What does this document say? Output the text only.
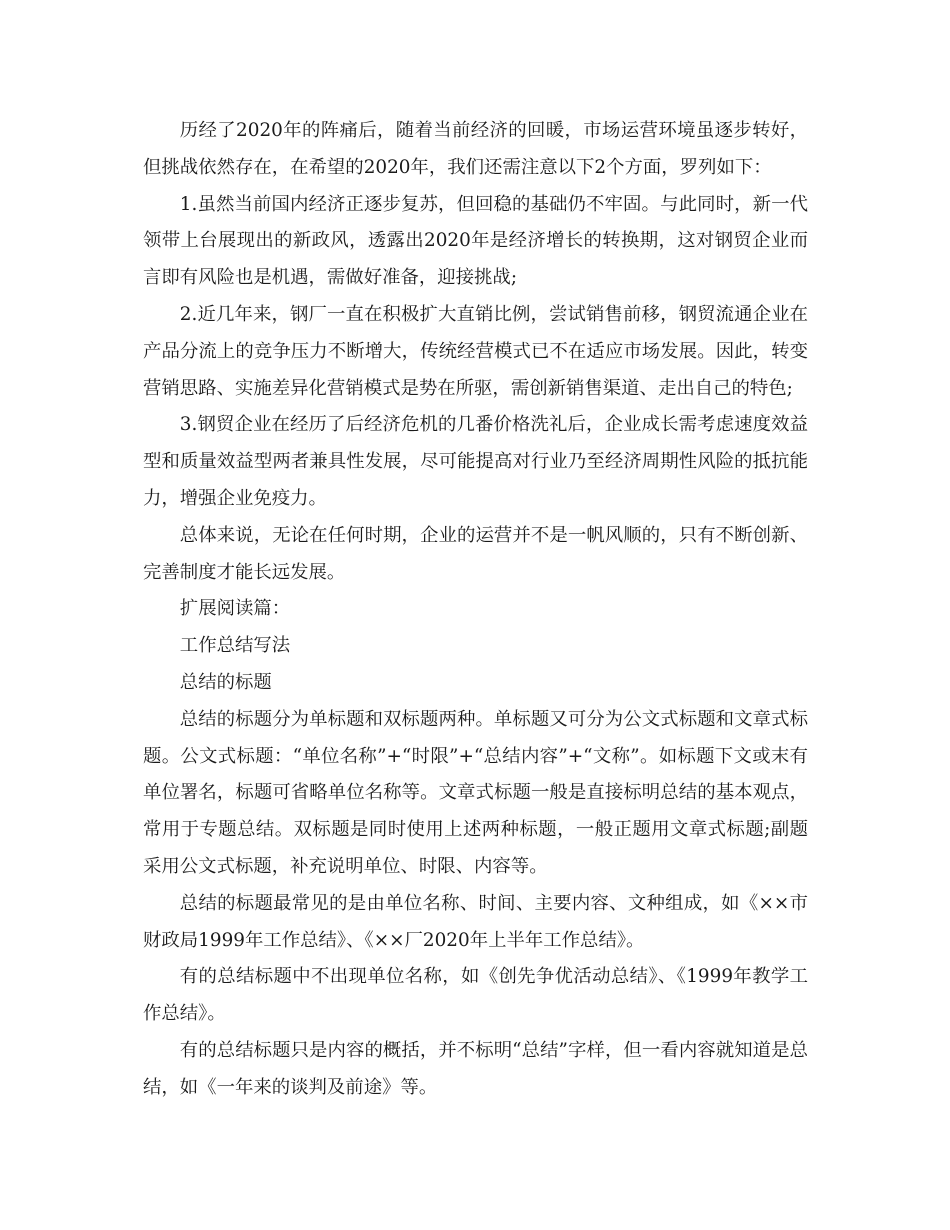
历经了2020年的阵痛后，随着当前经济的回暖，市场运营环境虽逐步转好，但挑战依然存在，在希望的2020年，我们还需注意以下2个方面，罗列如下：

1.虽然当前国内经济正逐步复苏，但回稳的基础仍不牢固。与此同时，新一代领带上台展现出的新政风，透露出2020年是经济增长的转换期，这对钢贸企业而言即有风险也是机遇，需做好准备，迎接挑战;

2.近几年来，钢厂一直在积极扩大直销比例，尝试销售前移，钢贸流通企业在产品分流上的竞争压力不断增大，传统经营模式已不在适应市场发展。因此，转变营销思路、实施差异化营销模式是势在所驱，需创新销售渠道、走出自己的特色;

3.钢贸企业在经历了后经济危机的几番价格洗礼后，企业成长需考虑速度效益型和质量效益型两者兼具性发展，尽可能提高对行业乃至经济周期性风险的抵抗能力，增强企业免疫力。

总体来说，无论在任何时期，企业的运营并不是一帆风顺的，只有不断创新、完善制度才能长远发展。

扩展阅读篇：

工作总结写法

总结的标题

总结的标题分为单标题和双标题两种。单标题又可分为公文式标题和文章式标题。公文式标题：“单位名称”+“时限”+“总结内容”+“文称”。如标题下文或末有单位署名，标题可省略单位名称等。文章式标题一般是直接标明总结的基本观点，常用于专题总结。双标题是同时使用上述两种标题，一般正题用文章式标题;副题采用公文式标题，补充说明单位、时限、内容等。

总结的标题最常见的是由单位名称、时间、主要内容、文种组成，如《××市财政局1999年工作总结》、《××厂2020年上半年工作总结》。

有的总结标题中不出现单位名称，如《创先争优活动总结》、《1999年教学工作总结》。

有的总结标题只是内容的概括，并不标明“总结”字样，但一看内容就知道是总结，如《一年来的谈判及前途》等。
